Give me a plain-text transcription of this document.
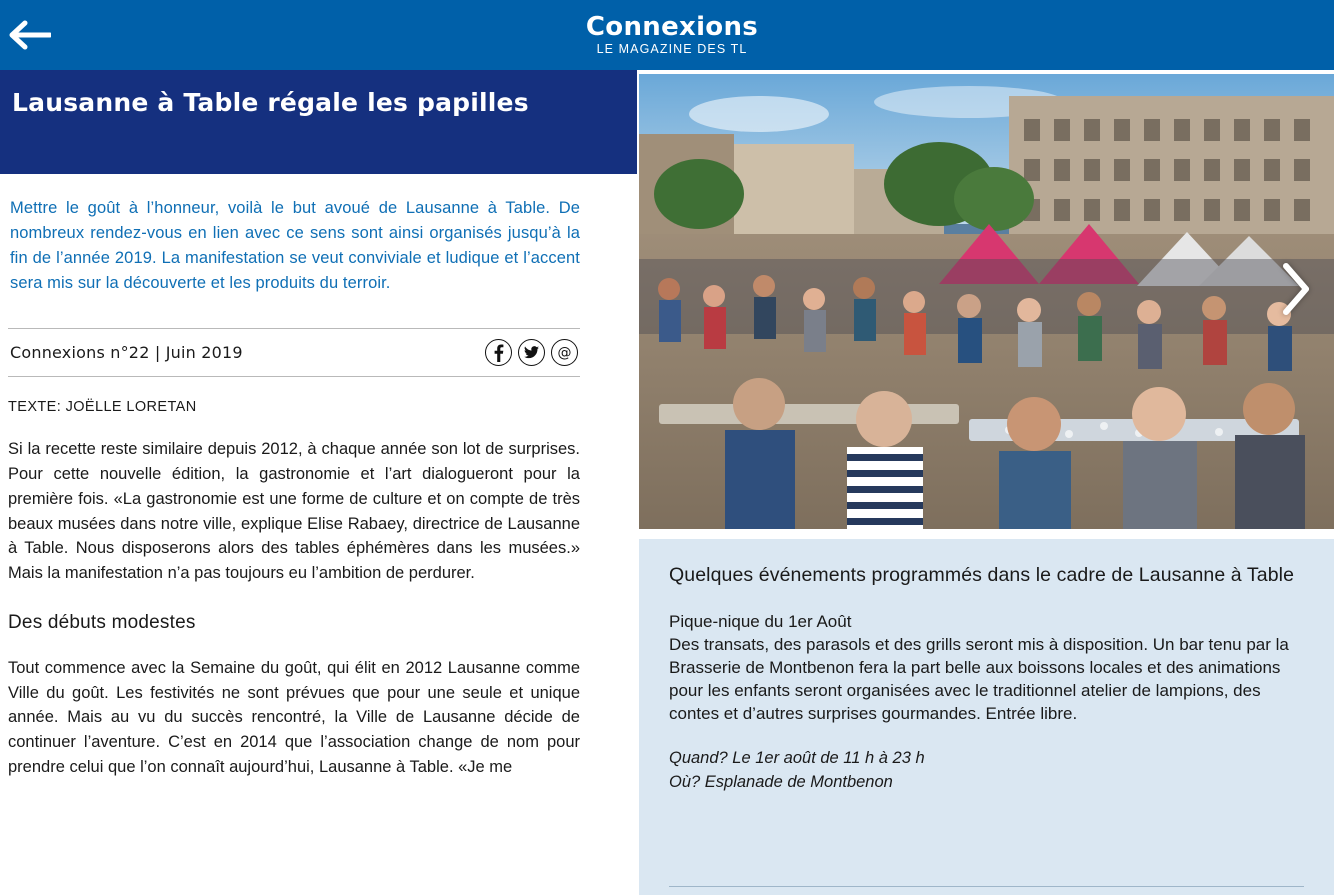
Connexions
LE MAGAZINE DES TL
Lausanne à Table régale les papilles
Mettre le goût à l’honneur, voilà le but avoué de Lausanne à Table. De nombreux rendez-vous en lien avec ce sens sont ainsi organisés jusqu’à la fin de l’année 2019. La manifestation se veut conviviale et ludique et l’accent sera mis sur la découverte et les produits du terroir.
Connexions n°22 | Juin 2019	@
TEXTE: JOËLLE LORETAN
Si la recette reste similaire depuis 2012, à chaque année son lot de surprises. Pour cette nouvelle édition, la gastronomie et l’art dialogueront pour la première fois. «La gastronomie est une forme de culture et on compte de très beaux musées dans notre ville, explique Elise Rabaey, directrice de Lausanne à Table. Nous disposerons alors des tables éphémères dans les musées.» Mais la manifestation n’a pas toujours eu l’ambition de perdurer.
Des débuts modestes
Tout commence avec la Semaine du goût, qui élit en 2012 Lausanne comme Ville du goût. Les festivités ne sont prévues que pour une seule et unique année. Mais au vu du succès rencontré, la Ville de Lausanne décide de continuer l’aventure. C’est en 2014 que l’association change de nom pour prendre celui que l’on connaît aujourd’hui, Lausanne à Table. «Je me
Quelques événements programmés dans le cadre de Lausanne à Table
Pique-nique du 1er Août
Des transats, des parasols et des grills seront mis à disposition. Un bar tenu par la Brasserie de Montbenon fera la part belle aux boissons locales et des animations pour les enfants seront organisées avec le traditionnel atelier de lampions, des contes et d’autres surprises gourmandes. Entrée libre.
Quand? Le 1er août de 11 h à 23 h
Où? Esplanade de Montbenon
